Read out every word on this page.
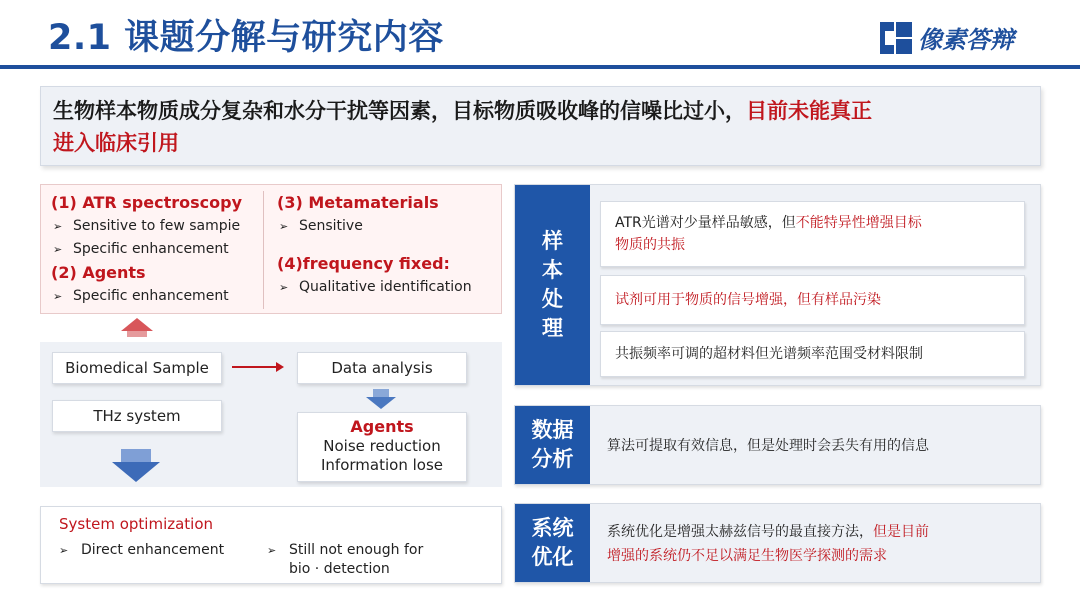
2.1 课题分解与研究内容	像素答辩
生物样本物质成分复杂和水分干扰等因素，目标物质吸收峰的信噪比过小，目前未能真正
进入临床引用
(1) ATR spectroscopy
➢ Sensitive to few sampie
➢ Specific enhancement
(2) Agents
➢ Specific enhancement
(3) Metamaterials
➢ Sensitive
(4)frequency fixed:
➢ Qualitative identification
Biomedical Sample	Data analysis
THz system
Agents
Noise reduction
Information lose
System optimization
➢ Direct enhancement	➢ Still not enough for
bio · detection
样
本
处
理
ATR光谱对少量样品敏感，但不能特异性增强目标
物质的共振
试剂可用于物质的信号增强，但有样品污染
共振频率可调的超材料但光谱频率范围受材料限制
数据
分析
算法可提取有效信息，但是处理时会丢失有用的信息
系统
优化
系统优化是增强太赫兹信号的最直接方法，但是目前
增强的系统仍不足以满足生物医学探测的需求
